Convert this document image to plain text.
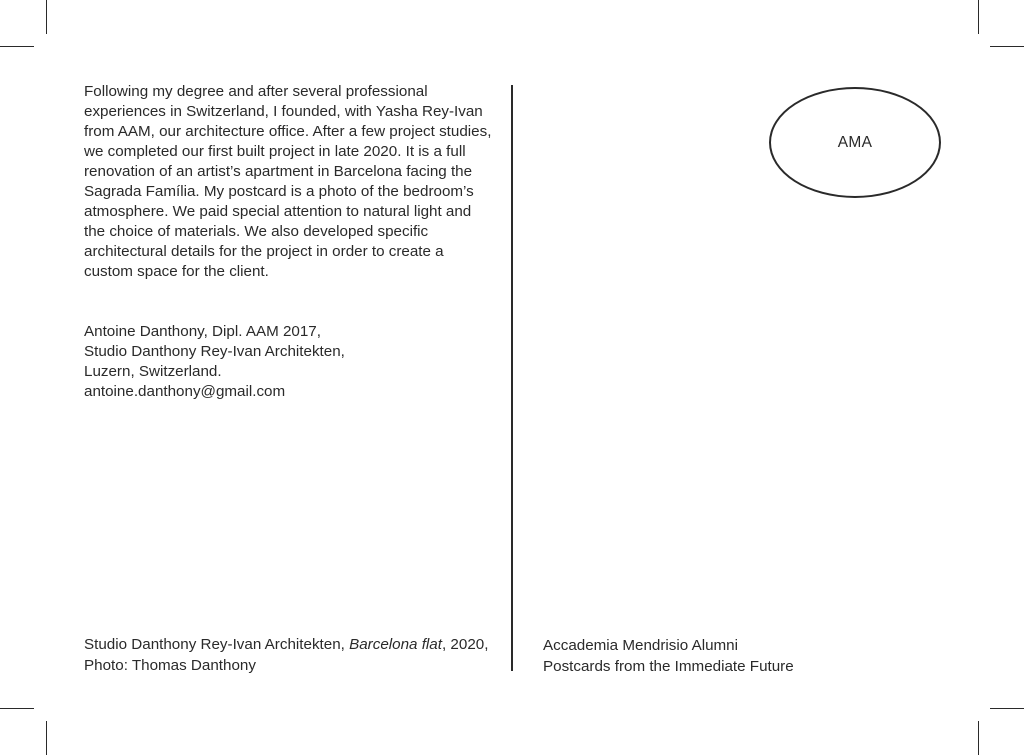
Following my degree and after several professional experiences in Switzerland, I founded, with Yasha Rey-Ivan from AAM, our architecture office. After a few project studies, we completed our first built project in late 2020. It is a full renovation of an artist’s apartment in Barcelona facing the Sagrada Família. My postcard is a photo of the bedroom’s atmosphere. We paid special attention to natural light and the choice of materials. We also developed specific architectural details for the project in order to create a custom space for the client.

Antoine Danthony, Dipl. AAM 2017,
Studio Danthony Rey-Ivan Architekten,
Luzern, Switzerland.
antoine.danthony@gmail.com
AMA
Studio Danthony Rey-Ivan Architekten, Barcelona flat, 2020, Photo: Thomas Danthony
Accademia Mendrisio Alumni
Postcards from the Immediate Future
